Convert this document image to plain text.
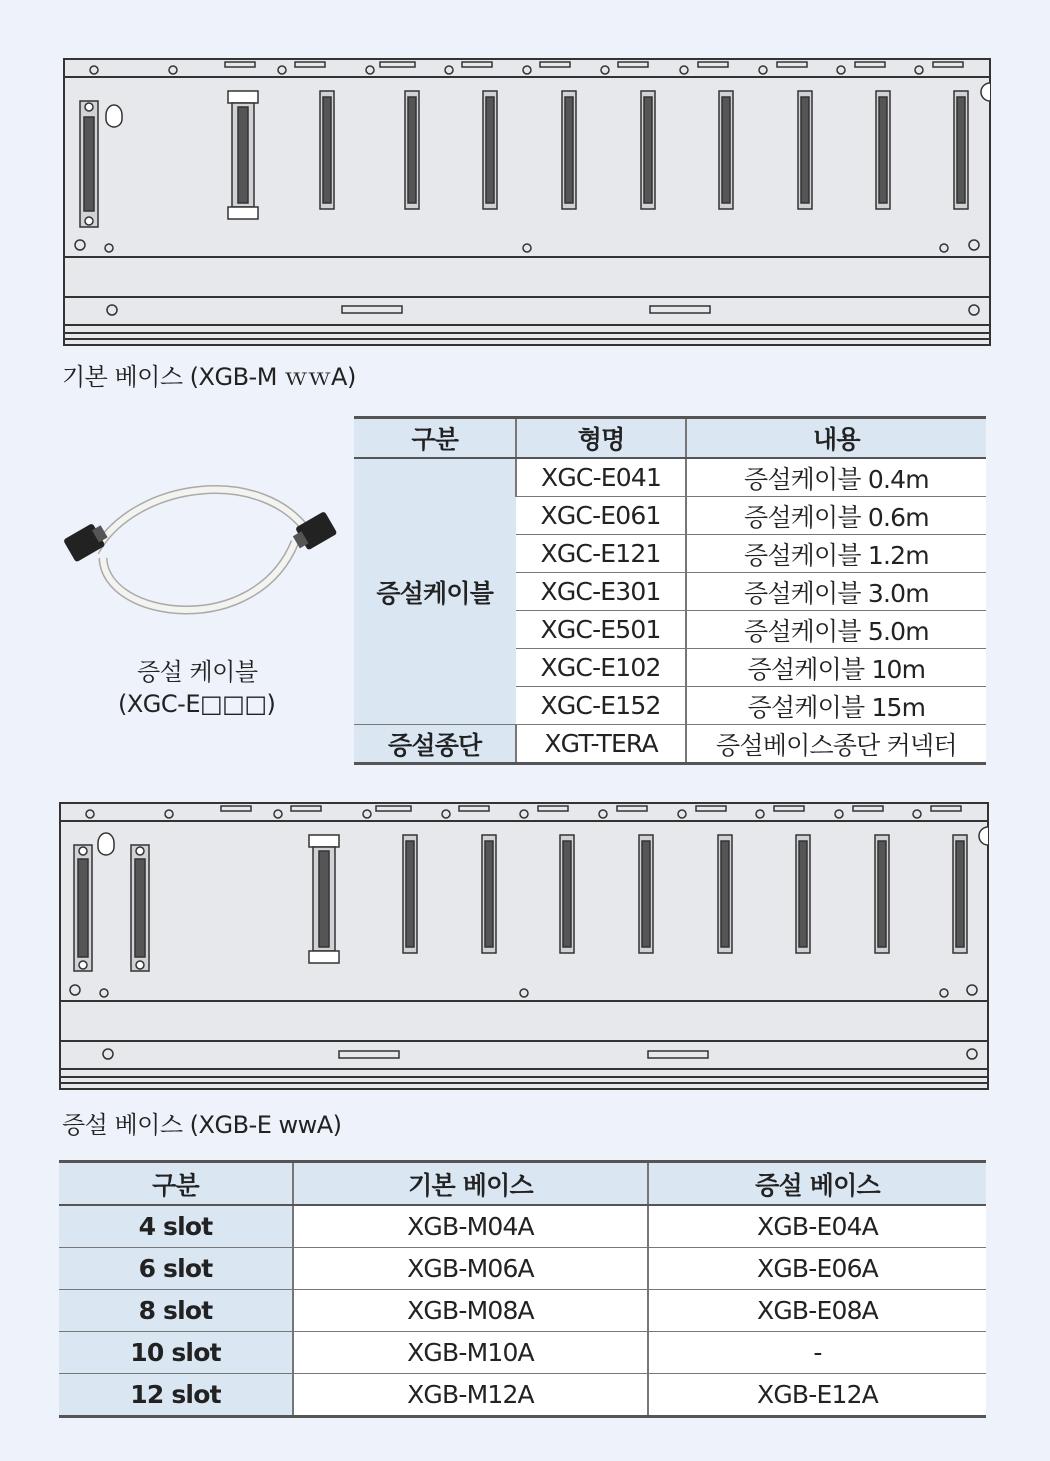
기본 베이스 (XGB-M ｗｗA)
증설 케이블
(XGC-E□□□)
구분	형명	내용
증설케이블	XGC-E041	증설케이블 0.4m
	XGC-E061	증설케이블 0.6m
	XGC-E121	증설케이블 1.2m
	XGC-E301	증설케이블 3.0m
	XGC-E501	증설케이블 5.0m
	XGC-E102	증설케이블 10m
	XGC-E152	증설케이블 15m
증설종단	XGT-TERA	증설베이스종단 커넥터
증설 베이스 (XGB-E wwA)
구분	기본 베이스	증설 베이스
4 slot	XGB-M04A	XGB-E04A
6 slot	XGB-M06A	XGB-E06A
8 slot	XGB-M08A	XGB-E08A
10 slot	XGB-M10A	-
12 slot	XGB-M12A	XGB-E12A
